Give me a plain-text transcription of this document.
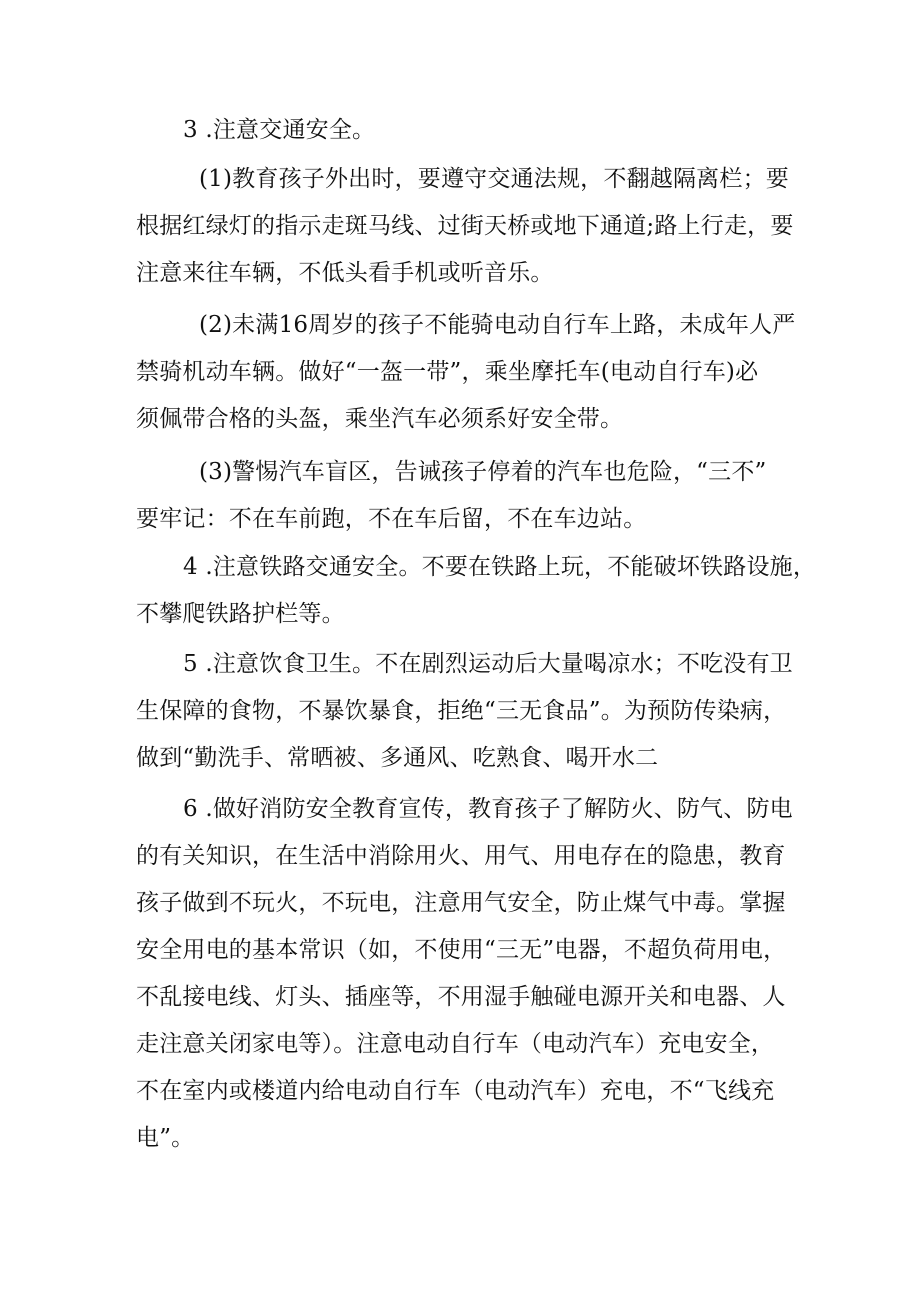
3 .注意交通安全。
(1)教育孩子外出时，要遵守交通法规，不翻越隔离栏；要
根据红绿灯的指示走斑马线、过街天桥或地下通道;路上行走，要
注意来往车辆，不低头看手机或听音乐。
(2)未满16周岁的孩子不能骑电动自行车上路，未成年人严
禁骑机动车辆。做好“一盔一带”，乘坐摩托车(电动自行车)必
须佩带合格的头盔，乘坐汽车必须系好安全带。
(3)警惕汽车盲区，告诫孩子停着的汽车也危险，“三不”
要牢记：不在车前跑，不在车后留，不在车边站。
4 .注意铁路交通安全。不要在铁路上玩，不能破坏铁路设施，
不攀爬铁路护栏等。
5 .注意饮食卫生。不在剧烈运动后大量喝凉水；不吃没有卫
生保障的食物，不暴饮暴食，拒绝“三无食品”。为预防传染病，
做到“勤洗手、常晒被、多通风、吃熟食、喝开水二
6 .做好消防安全教育宣传，教育孩子了解防火、防气、防电
的有关知识，在生活中消除用火、用气、用电存在的隐患，教育
孩子做到不玩火，不玩电，注意用气安全，防止煤气中毒。掌握
安全用电的基本常识（如，不使用“三无”电器，不超负荷用电，
不乱接电线、灯头、插座等，不用湿手触碰电源开关和电器、人
走注意关闭家电等）。注意电动自行车（电动汽车）充电安全，
不在室内或楼道内给电动自行车（电动汽车）充电，不“飞线充
电”。
